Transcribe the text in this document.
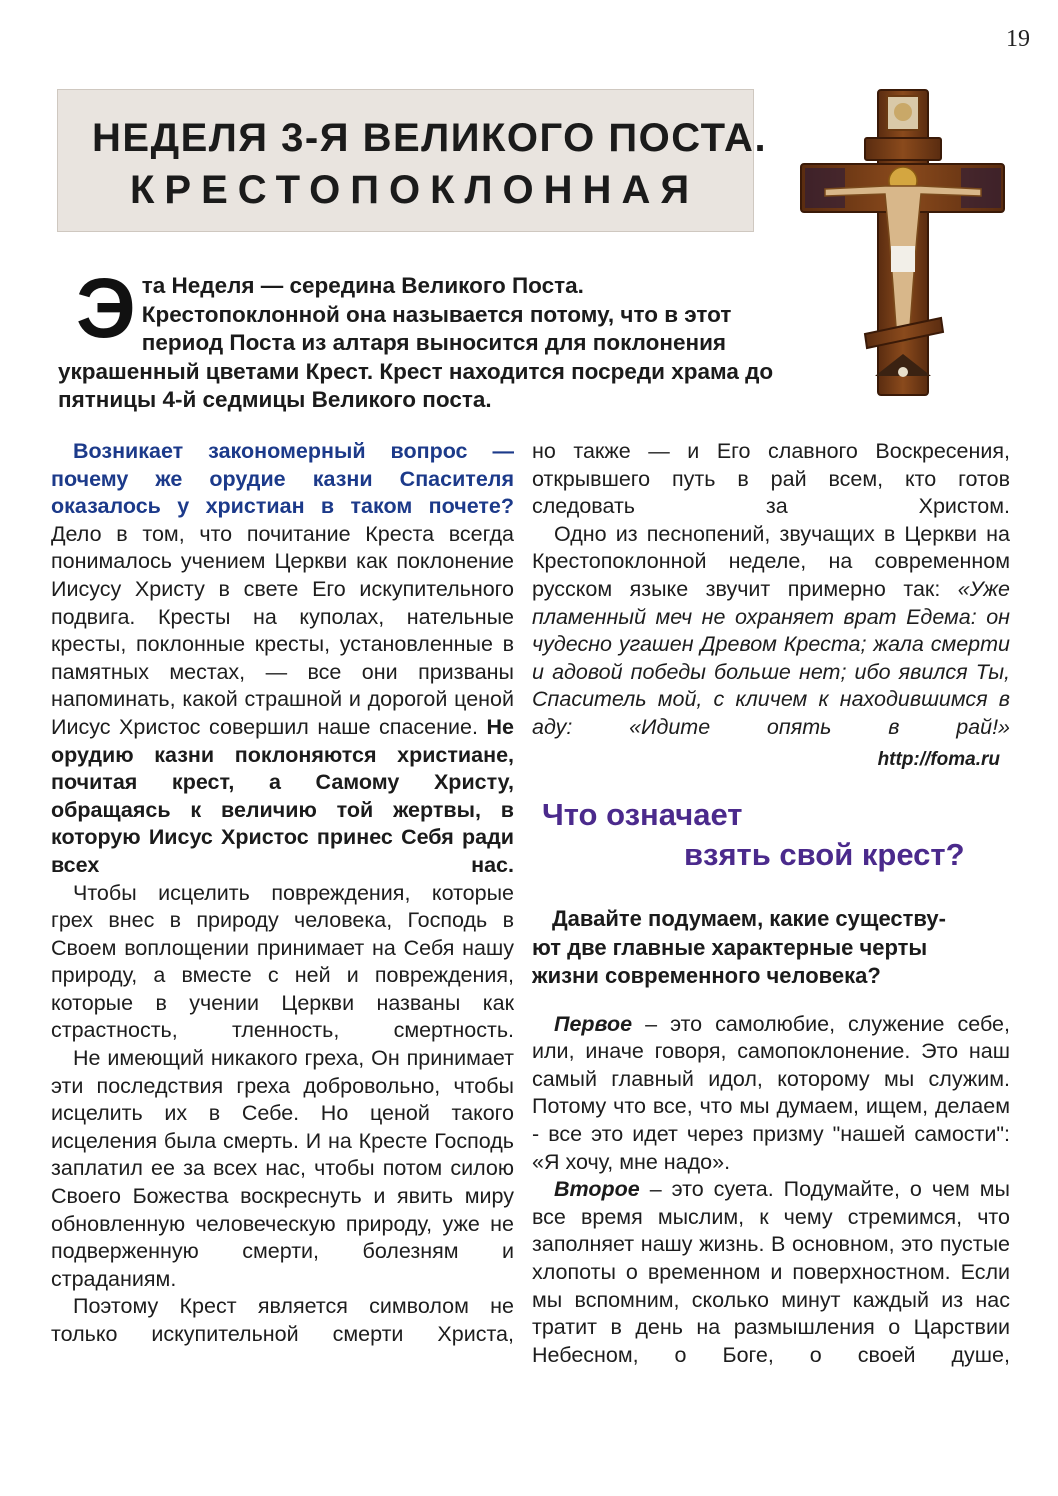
19
НЕДЕЛЯ 3-Я ВЕЛИКОГО ПОСТА.
КРЕСТОПОКЛОННАЯ
Эта Неделя — середина Великого Поста. Крестопоклонной она называется потому, что в этот период Поста из алтаря выносится для поклонения украшенный цветами Крест. Крест находится посреди храма до пятницы 4-й седмицы Великого поста.

Возникает закономерный вопрос — почему же орудие казни Спасителя оказалось у христиан в таком почете? Дело в том, что почитание Креста всегда понималось учением Церкви как поклонение Иисусу Христу в свете Его искупительного подвига. Кресты на куполах, нательные кресты, поклонные кресты, установленные в памятных местах, — все они призваны напоминать, какой страшной и дорогой ценой Иисус Христос совершил наше спасение. Не орудию казни поклоняются христиане, почитая крест, а Самому Христу, обращаясь к величию той жертвы, в которую Иисус Христос принес Себя ради всех нас.

Чтобы исцелить повреждения, которые грех внес в природу человека, Господь в Своем воплощении принимает на Себя нашу природу, а вместе с ней и повреждения, которые в учении Церкви названы как страстность, тленность, смертность.

Не имеющий никакого греха, Он принимает эти последствия греха добровольно, чтобы исцелить их в Себе. Но ценой такого исцеления была смерть. И на Кресте Господь заплатил ее за всех нас, чтобы потом силою Своего Божества воскреснуть и явить миру обновленную человеческую природу, уже не подверженную смерти, болезням и страданиям.

Поэтому Крест является символом не только искупительной смерти Христа,

но также — и Его славного Воскресения, открывшего путь в рай всем, кто готов следовать за Христом.

Одно из песнопений, звучащих в Церкви на Крестопоклонной неделе, на современном русском языке звучит примерно так: «Уже пламенный меч не охраняет врат Едема: он чудесно угашен Древом Креста; жала смерти и адовой победы больше нет; ибо явился Ты, Спаситель мой, с кличем к находившимся в аду: «Идите опять в рай!»

http://foma.ru
Что означает
взять свой крест?
Давайте подумаем, какие существу-
ют две главные характерные черты
жизни современного человека?

Первое – это самолюбие, служение себе, или, иначе говоря, самопоклонение. Это наш самый главный идол, которому мы служим. Потому что все, что мы думаем, ищем, делаем - все это идет через призму "нашей самости": «Я хочу, мне надо».

Второе – это суета. Подумайте, о чем мы все время мыслим, к чему стремимся, что заполняет нашу жизнь. В основном, это пустые хлопоты о временном и поверхностном. Если мы вспомним, сколько минут каждый из нас тратит в день на размышления о Царствии Небесном, о Боге, о своей душе,
